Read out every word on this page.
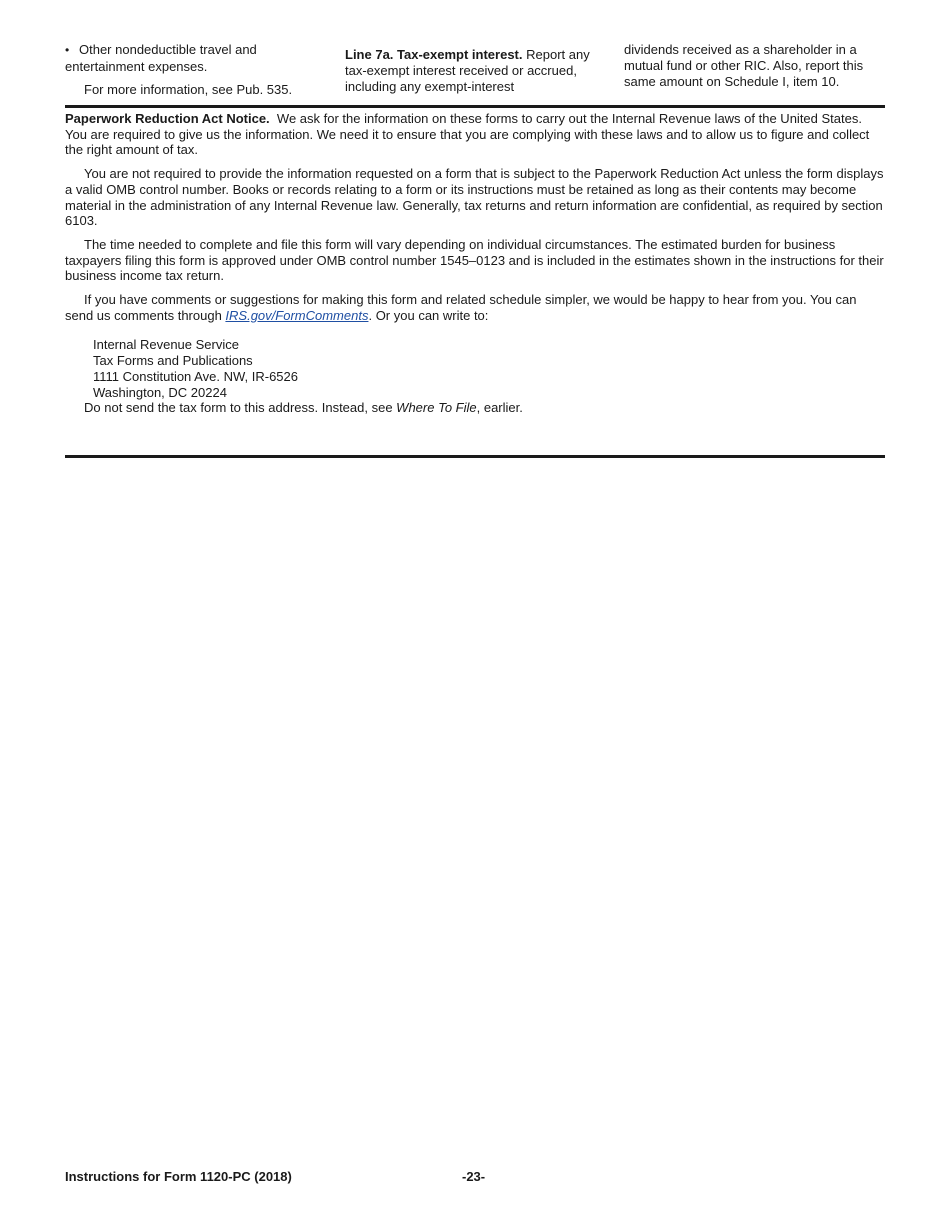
• Other nondeductible travel and entertainment expenses.

For more information, see Pub. 535.

Line 7a. Tax-exempt interest. Report any tax-exempt interest received or accrued, including any exempt-interest
dividends received as a shareholder in a mutual fund or other RIC. Also, report this same amount on Schedule I, item 10.

Paperwork Reduction Act Notice. We ask for the information on these forms to carry out the Internal Revenue laws of the United States. You are required to give us the information. We need it to ensure that you are complying with these laws and to allow us to figure and collect the right amount of tax.

You are not required to provide the information requested on a form that is subject to the Paperwork Reduction Act unless the form displays a valid OMB control number. Books or records relating to a form or its instructions must be retained as long as their contents may become material in the administration of any Internal Revenue law. Generally, tax returns and return information are confidential, as required by section 6103.

The time needed to complete and file this form will vary depending on individual circumstances. The estimated burden for business taxpayers filing this form is approved under OMB control number 1545–0123 and is included in the estimates shown in the instructions for their business income tax return.

If you have comments or suggestions for making this form and related schedule simpler, we would be happy to hear from you. You can send us comments through IRS.gov/FormComments. Or you can write to:

Internal Revenue Service
Tax Forms and Publications
1111 Constitution Ave. NW, IR-6526
Washington, DC 20224

Do not send the tax form to this address. Instead, see Where To File, earlier.

Instructions for Form 1120-PC (2018)	-23-
